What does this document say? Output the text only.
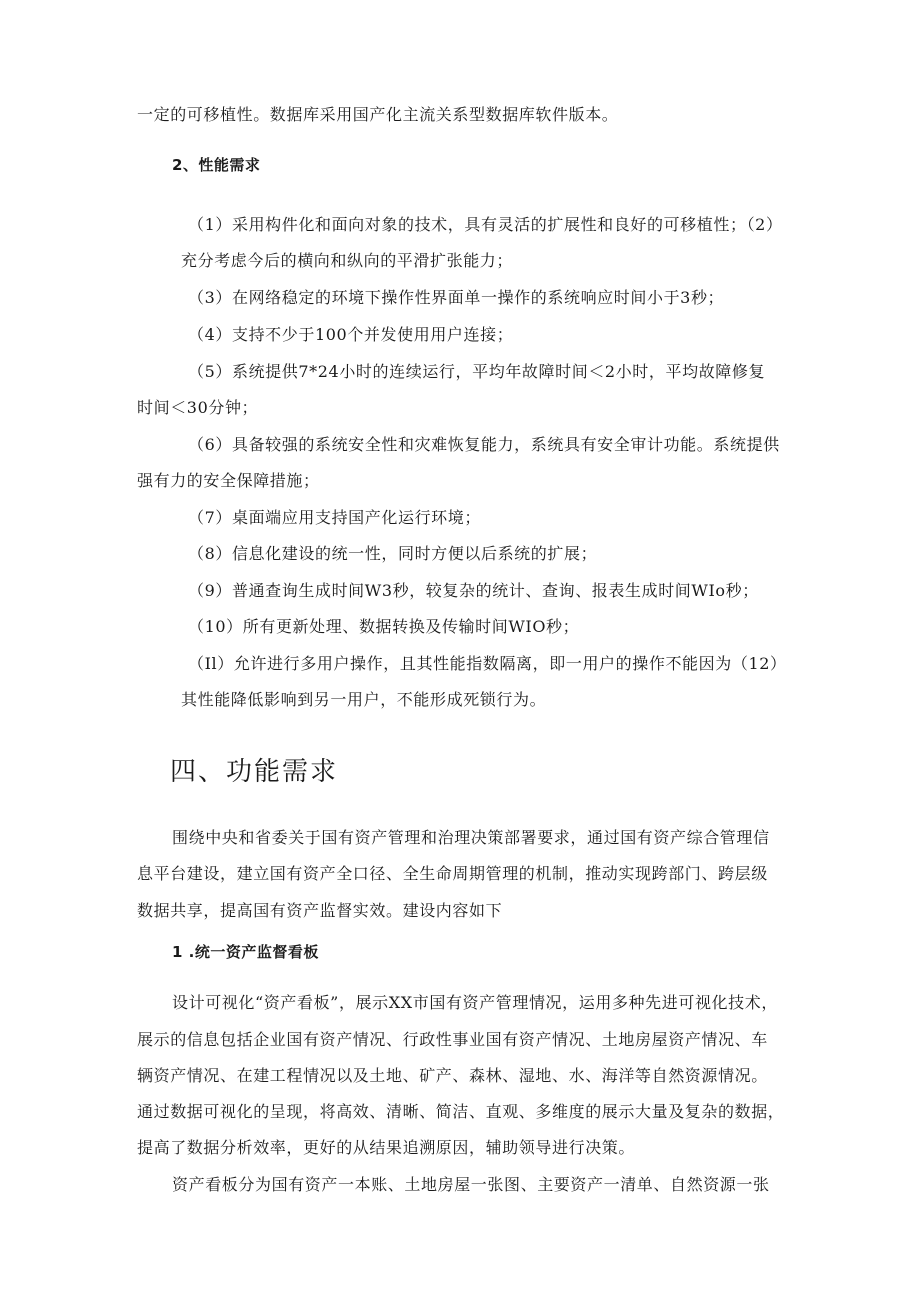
一定的可移植性。数据库采用国产化主流关系型数据库软件版本。
2、性能需求
（1）采用构件化和面向对象的技术，具有灵活的扩展性和良好的可移植性；（2）
充分考虑今后的横向和纵向的平滑扩张能力；
（3）在网络稳定的环境下操作性界面单一操作的系统响应时间小于3秒；
（4）支持不少于100个并发使用用户连接；
（5）系统提供7*24小时的连续运行，平均年故障时间＜2小时，平均故障修复
时间＜30分钟；
（6）具备较强的系统安全性和灾难恢复能力，系统具有安全审计功能。系统提供
强有力的安全保障措施；
（7）桌面端应用支持国产化运行环境；
（8）信息化建设的统一性，同时方便以后系统的扩展；
（9）普通查询生成时间W3秒，较复杂的统计、查询、报表生成时间WIo秒；
（10）所有更新处理、数据转换及传输时间WIO秒；
（Il）允许进行多用户操作，且其性能指数隔离，即一用户的操作不能因为（12）
其性能降低影响到另一用户，不能形成死锁行为。
四、功能需求
围绕中央和省委关于国有资产管理和治理决策部署要求，通过国有资产综合管理信
息平台建设，建立国有资产全口径、全生命周期管理的机制，推动实现跨部门、跨层级
数据共享，提高国有资产监督实效。建设内容如下
1 .统一资产监督看板
设计可视化“资产看板”，展示XX市国有资产管理情况，运用多种先进可视化技术，
展示的信息包括企业国有资产情况、行政性事业国有资产情况、土地房屋资产情况、车
辆资产情况、在建工程情况以及土地、矿产、森林、湿地、水、海洋等自然资源情况。
通过数据可视化的呈现，将高效、清晰、简洁、直观、多维度的展示大量及复杂的数据，
提高了数据分析效率，更好的从结果追溯原因，辅助领导进行决策。
资产看板分为国有资产一本账、土地房屋一张图、主要资产一清单、自然资源一张
